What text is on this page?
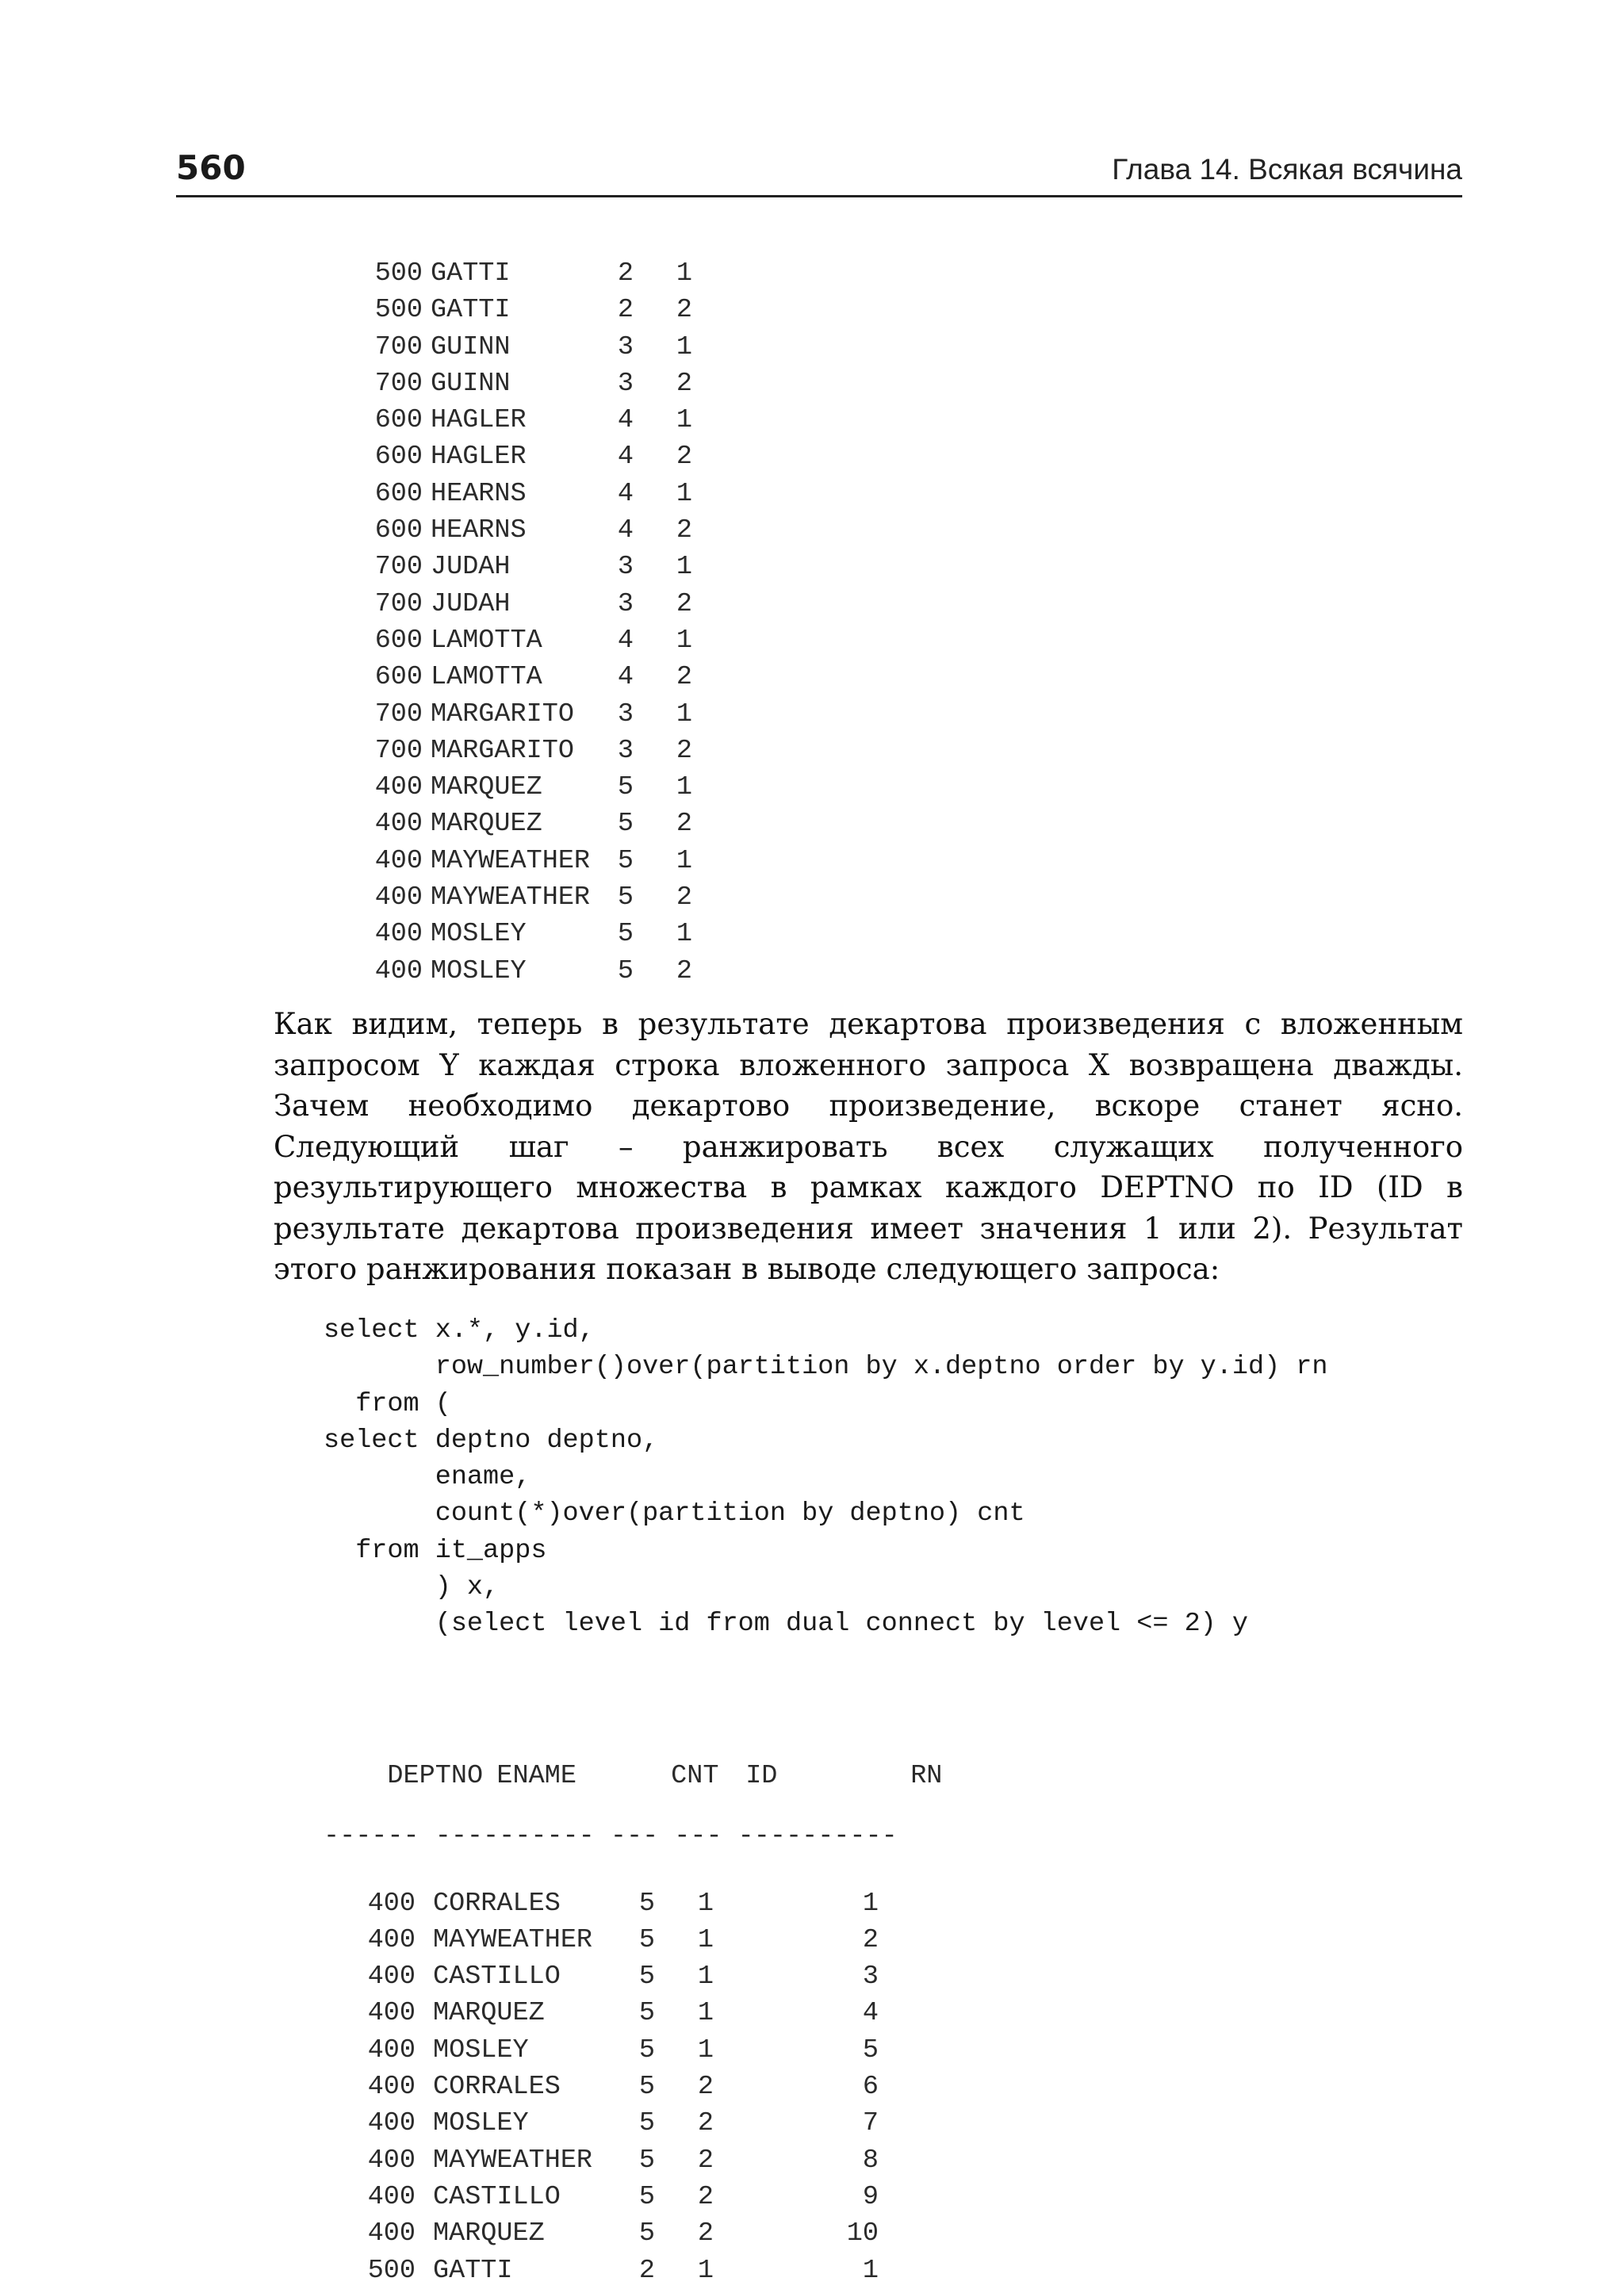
560	Глава 14. Всякая всячина
500 GATTI	2 1
500 GATTI	2 2
700 GUINN	3 1
700 GUINN	3 2
600 HAGLER	4 1
600 HAGLER	4 2
600 HEARNS	4 1
600 HEARNS	4 2
700 JUDAH	3 1
700 JUDAH	3 2
600 LAMOTTA	4 1
600 LAMOTTA	4 2
700 MARGARITO 3 1
700 MARGARITO 3 2
400 MARQUEZ	5 1
400 MARQUEZ	5 2
400 MAYWEATHER 5 1
400 MAYWEATHER 5 2
400 MOSLEY	5 1
400 MOSLEY	5 2
Как видим, теперь в результате декартова произведения с вложенным запросом Y каждая строка вложенного запроса X возвращена дважды. Зачем необходимо декартово произведение, вскоре станет ясно. Следующий шаг – ранжировать всех служащих полученного результирующего множества в рамках каждого DEPTNO по ID (ID в результате декартова произведения имеет значения 1 или 2). Результат этого ранжирования показан в выводе следующего запроса:
select x.*, y.id,
row_number()over(partition by x.deptno order by y.id) rn
from (
select deptno deptno,
ename,
count(*)over(partition by deptno) cnt
from it_apps
) x,
(select level id from dual connect by level <= 2) y

DEPTNO ENAME	CNT ID	RN

------ ---------- --- --- ----------

400 CORRALES	5 1	1
400 MAYWEATHER 5 1	2
400 CASTILLO	5 1	3
400 MARQUEZ	5 1	4
400 MOSLEY	5 1	5
400 CORRALES	5 2	6
400 MOSLEY	5 2	7
400 MAYWEATHER 5 2	8
400 CASTILLO	5 2	9
400 MARQUEZ	5 2	10
500 GATTI	2 1	1
